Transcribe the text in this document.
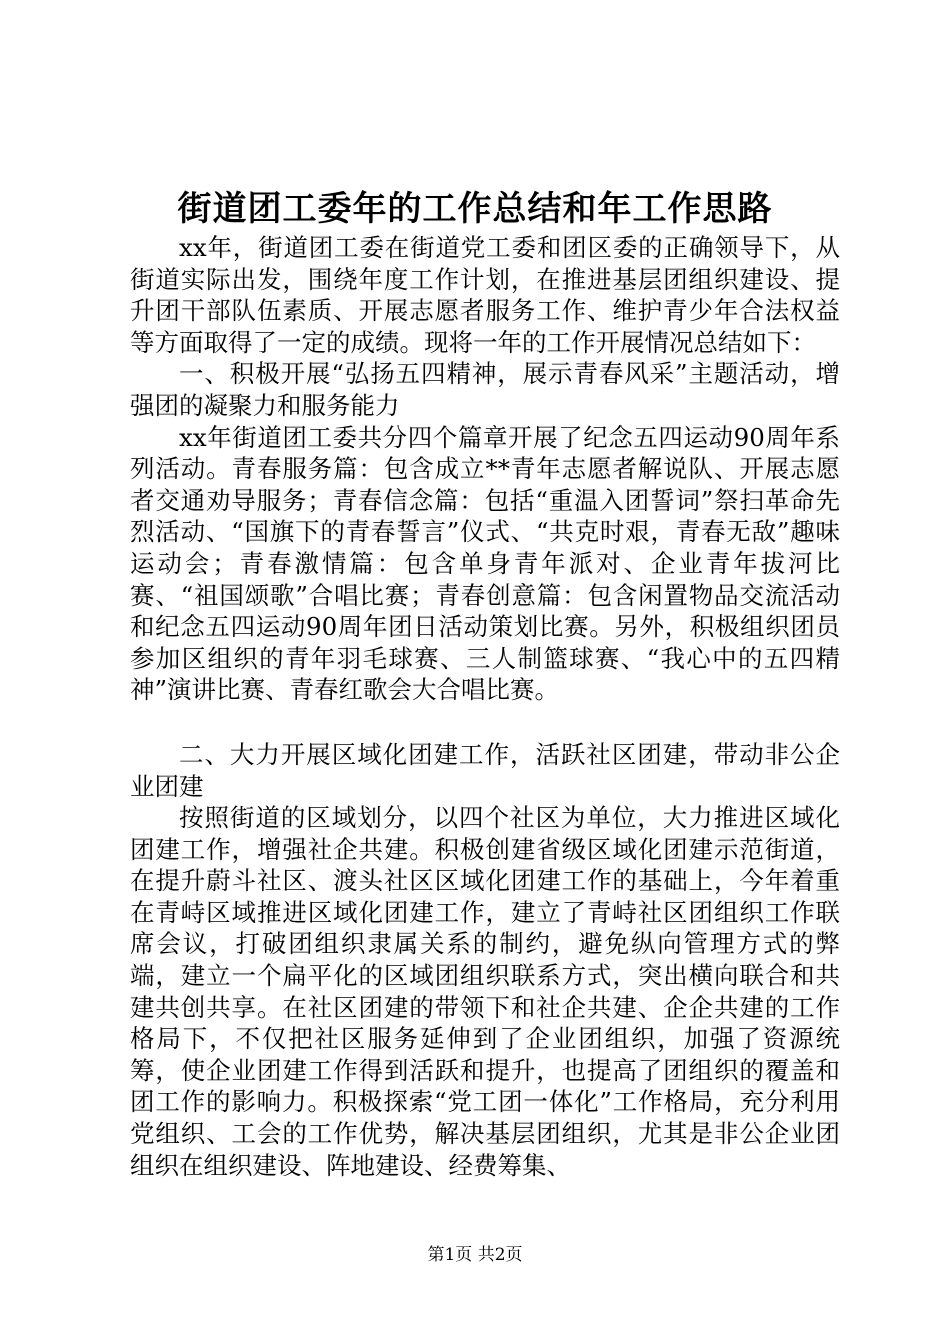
街道团工委年的工作总结和年工作思路

xx年，街道团工委在街道党工委和团区委的正确领导下，从街道实际出发，围绕年度工作计划，在推进基层团组织建设、提升团干部队伍素质、开展志愿者服务工作、维护青少年合法权益等方面取得了一定的成绩。现将一年的工作开展情况总结如下：

一、积极开展“弘扬五四精神，展示青春风采”主题活动，增强团的凝聚力和服务能力

xx年街道团工委共分四个篇章开展了纪念五四运动90周年系列活动。青春服务篇：包含成立**青年志愿者解说队、开展志愿者交通劝导服务；青春信念篇：包括“重温入团誓词”祭扫革命先烈活动、“国旗下的青春誓言”仪式、“共克时艰，青春无敌”趣味运动会；青春激情篇：包含单身青年派对、企业青年拔河比赛、“祖国颂歌”合唱比赛；青春创意篇：包含闲置物品交流活动和纪念五四运动90周年团日活动策划比赛。另外，积极组织团员参加区组织的青年羽毛球赛、三人制篮球赛、“我心中的五四精神”演讲比赛、青春红歌会大合唱比赛。

二、大力开展区域化团建工作，活跃社区团建，带动非公企业团建

按照街道的区域划分，以四个社区为单位，大力推进区域化团建工作，增强社企共建。积极创建省级区域化团建示范街道，在提升蔚斗社区、渡头社区区域化团建工作的基础上，今年着重在青峙区域推进区域化团建工作，建立了青峙社区团组织工作联席会议，打破团组织隶属关系的制约，避免纵向管理方式的弊端，建立一个扁平化的区域团组织联系方式，突出横向联合和共建共创共享。在社区团建的带领下和社企共建、企企共建的工作格局下，不仅把社区服务延伸到了企业团组织，加强了资源统筹，使企业团建工作得到活跃和提升，也提高了团组织的覆盖和团工作的影响力。积极探索“党工团一体化”工作格局，充分利用党组织、工会的工作优势，解决基层团组织，尤其是非公企业团组织在组织建设、阵地建设、经费筹集、

第1页 共2页
